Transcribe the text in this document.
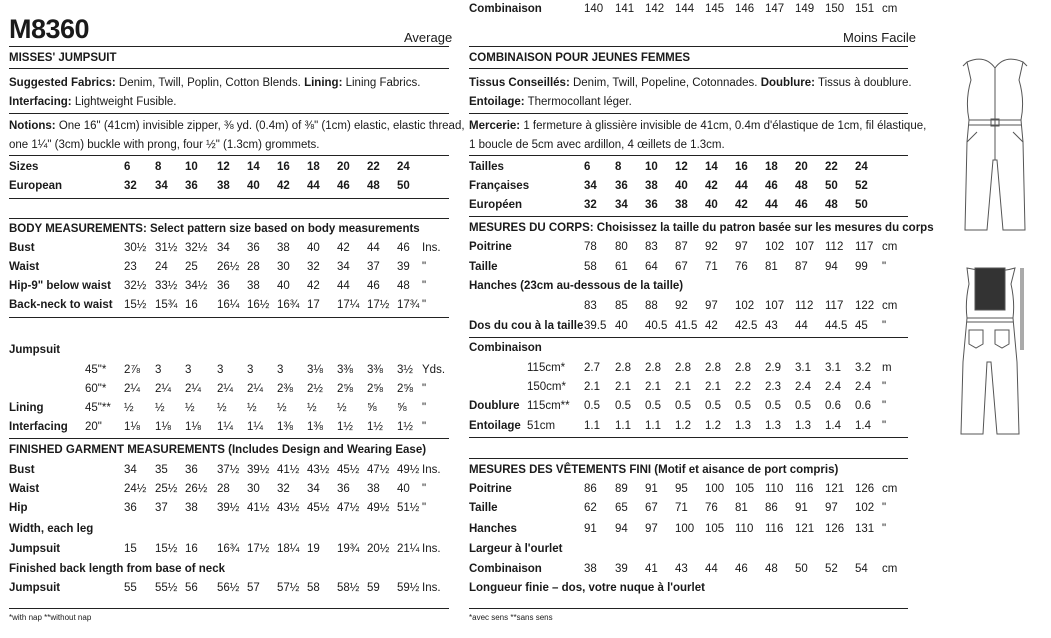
M8360	Average
MISSES' JUMPSUIT
Suggested Fabrics: Denim, Twill, Poplin, Cotton Blends. Lining: Lining Fabrics.
Interfacing: Lightweight Fusible.
Notions: One 16" (41cm) invisible zipper, ⅜ yd. (0.4m) of ⅜" (1cm) elastic, elastic thread,
one 1¼" (3cm) buckle with prong, four ½" (1.3cm) grommets.
Sizes	6 8 10 12 14 16 18 20 22 24
European	32 34 36 38 40 42 44 46 48 50
BODY MEASUREMENTS: Select pattern size based on body measurements
Bust	30½ 31½ 32½ 34 36 38 40 42 44 46 Ins.
Waist	23 24 25 26½ 28 30 32 34 37 39 "
Hip-9" below waist 32½ 33½ 34½ 36 38 40 42 44 46 48 "
Back-neck to waist 15½ 15¾ 16 16¼ 16½ 16¾ 17 17¼ 17½ 17¾ "
Jumpsuit
45"* 2⅞ 3 3 3 3 3 3⅛ 3⅜ 3⅜ 3½ Yds.
60"* 2¼ 2¼ 2¼ 2¼ 2¼ 2⅜ 2½ 2⅝ 2⅝ 2⅝ "
Lining	45"** ½ ½ ½ ½ ½ ½ ½ ½ ⅝ ⅝ "
Interfacing 20" 1⅛ 1⅛ 1⅛ 1¼ 1¼ 1⅜ 1⅜ 1½ 1½ 1½ "
FINISHED GARMENT MEASUREMENTS (Includes Design and Wearing Ease)
Bust	34 35 36 37½ 39½ 41½ 43½ 45½ 47½ 49½ Ins.
Waist	24½ 25½ 26½ 28 30 32 34 36 38 40 "
Hip	36 37 38 39½ 41½ 43½ 45½ 47½ 49½ 51½ "
Width, each leg
Jumpsuit	15 15½ 16 16¾ 17½ 18¼ 19 19¾ 20½ 21¼ Ins.
Finished back length from base of neck
Jumpsuit	55 55½ 56 56½ 57 57½ 58 58½ 59 59½ Ins.
*with nap **without nap
Moins Facile
COMBINAISON POUR JEUNES FEMMES
Tissus Conseillés: Denim, Twill, Popeline, Cotonnades. Doublure: Tissus à doublure.
Entoilage: Thermocollant léger.
Mercerie: 1 fermeture à glissière invisible de 41cm, 0.4m d'élastique de 1cm, fil élastique,
1 boucle de 5cm avec ardillon, 4 œillets de 1.3cm.
Tailles	6 8 10 12 14 16 18 20 22 24
Françaises	34 36 38 40 42 44 46 48 50 52
Européen	32 34 36 38 40 42 44 46 48 50
MESURES DU CORPS: Choisissez la taille du patron basée sur les mesures du corps
Poitrine	78 80 83 87 92 97 102 107 112 117 cm
Taille	58 61 64 67 71 76 81 87 94 99 "
Hanches (23cm au-dessous de la taille)
83 85 88 92 97 102 107 112 117 122 cm
Dos du cou à la taille 39.5 40 40.5 41.5 42 42.5 43 44 44.5 45 "
Combinaison
115cm* 2.7 2.8 2.8 2.8 2.8 2.8 2.9 3.1 3.1 3.2 m
150cm* 2.1 2.1 2.1 2.1 2.1 2.2 2.3 2.4 2.4 2.4 "
Doublure 115cm** 0.5 0.5 0.5 0.5 0.5 0.5 0.5 0.5 0.6 0.6 "
Entoilage 51cm	1.1 1.1 1.1 1.2 1.2 1.3 1.3 1.3 1.4 1.4 "
MESURES DES VÊTEMENTS FINI (Motif et aisance de port compris)
Poitrine	86 89 91 95 100 105 110 116 121 126 cm
Taille	62 65 67 71 76 81 86 91 97 102 "
Hanches	91 94 97 100 105 110 116 121 126 131 "
Largeur à l'ourlet
Combinaison	38 39 41 43 44 46 48 50 52 54 cm
Longueur finie – dos, votre nuque à l'ourlet
Combinaison	140 141 142 144 145 146 147 149 150 151 cm
*avec sens **sans sens
